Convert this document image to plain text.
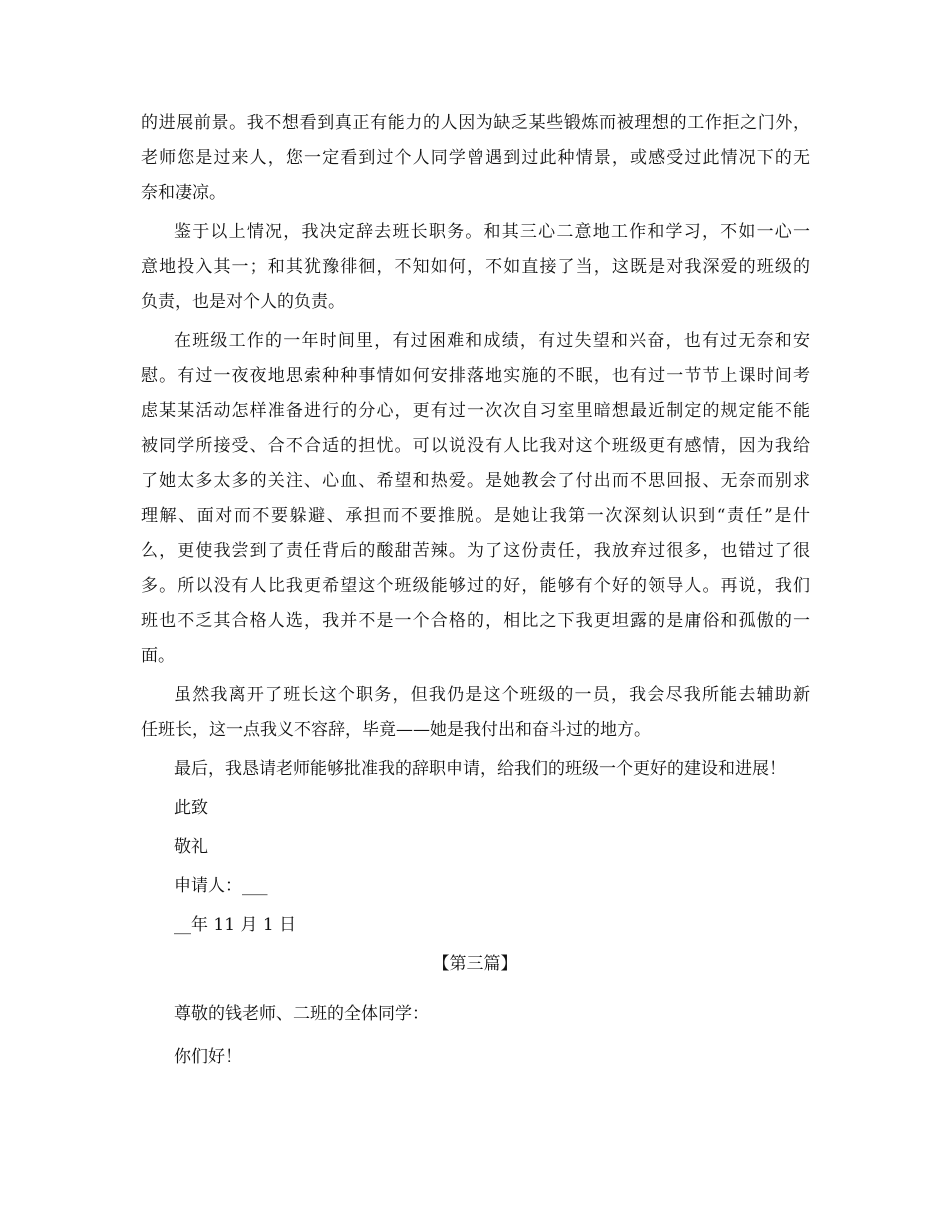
的进展前景。我不想看到真正有能力的人因为缺乏某些锻炼而被理想的工作拒之门外，
老师您是过来人，您一定看到过个人同学曾遇到过此种情景，或感受过此情况下的无
奈和凄凉。
鉴于以上情况，我决定辞去班长职务。和其三心二意地工作和学习，不如一心一
意地投入其一；和其犹豫徘徊，不知如何，不如直接了当，这既是对我深爱的班级的
负责，也是对个人的负责。
在班级工作的一年时间里，有过困难和成绩，有过失望和兴奋，也有过无奈和安
慰。有过一夜夜地思索种种事情如何安排落地实施的不眠，也有过一节节上课时间考
虑某某活动怎样准备进行的分心，更有过一次次自习室里暗想最近制定的规定能不能
被同学所接受、合不合适的担忧。可以说没有人比我对这个班级更有感情，因为我给
了她太多太多的关注、心血、希望和热爱。是她教会了付出而不思回报、无奈而别求
理解、面对而不要躲避、承担而不要推脱。是她让我第一次深刻认识到“责任”是什
么，更使我尝到了责任背后的酸甜苦辣。为了这份责任，我放弃过很多，也错过了很
多。所以没有人比我更希望这个班级能够过的好，能够有个好的领导人。再说，我们
班也不乏其合格人选，我并不是一个合格的，相比之下我更坦露的是庸俗和孤傲的一
面。
虽然我离开了班长这个职务，但我仍是这个班级的一员，我会尽我所能去辅助新
任班长，这一点我义不容辞，毕竟——她是我付出和奋斗过的地方。
最后，我恳请老师能够批准我的辞职申请，给我们的班级一个更好的建设和进展！
此致
敬礼
申请人：___
__年 11 月 1 日
【第三篇】
尊敬的钱老师、二班的全体同学：
你们好！
